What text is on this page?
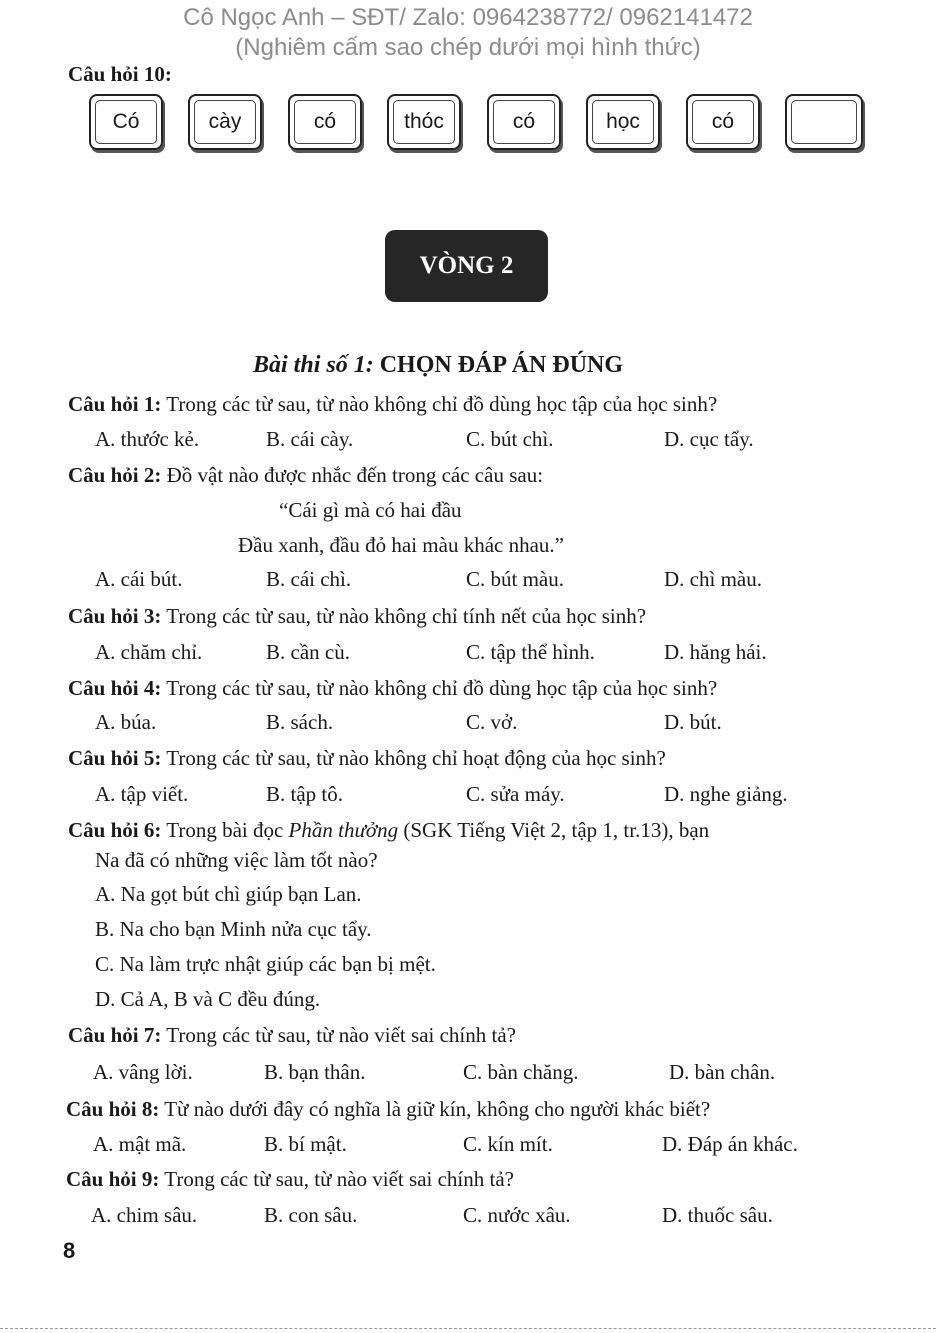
Cô Ngọc Anh – SĐT/ Zalo: 0964238772/ 0962141472
(Nghiêm cấm sao chép dưới mọi hình thức)
Câu hỏi 10:
Có	cày	có	thóc	có	học	có
VÒNG 2
Bài thi số 1: CHỌN ĐÁP ÁN ĐÚNG
Câu hỏi 1: Trong các từ sau, từ nào không chỉ đồ dùng học tập của học sinh?
A. thước kẻ.	B. cái cày.	C. bút chì.	D. cục tẩy.
Câu hỏi 2: Đồ vật nào được nhắc đến trong các câu sau:
“Cái gì mà có hai đầu
Đầu xanh, đầu đỏ hai màu khác nhau.”
A. cái bút.	B. cái chì.	C. bút màu.	D. chì màu.
Câu hỏi 3: Trong các từ sau, từ nào không chỉ tính nết của học sinh?
A. chăm chỉ.	B. cần cù.	C. tập thể hình.	D. hăng hái.
Câu hỏi 4: Trong các từ sau, từ nào không chỉ đồ dùng học tập của học sinh?
A. búa.	B. sách.	C. vở.	D. bút.
Câu hỏi 5: Trong các từ sau, từ nào không chỉ hoạt động của học sinh?
A. tập viết.	B. tập tô.	C. sửa máy.	D. nghe giảng.
Câu hỏi 6: Trong bài đọc Phần thưởng (SGK Tiếng Việt 2, tập 1, tr.13), bạn
Na đã có những việc làm tốt nào?
A. Na gọt bút chì giúp bạn Lan.
B. Na cho bạn Minh nửa cục tẩy.
C. Na làm trực nhật giúp các bạn bị mệt.
D. Cả A, B và C đều đúng.
Câu hỏi 7: Trong các từ sau, từ nào viết sai chính tả?
A. vâng lời.	B. bạn thân.	C. bàn chăng.	D. bàn chân.
Câu hỏi 8: Từ nào dưới đây có nghĩa là giữ kín, không cho người khác biết?
A. mật mã.	B. bí mật.	C. kín mít.	D. Đáp án khác.
Câu hỏi 9: Trong các từ sau, từ nào viết sai chính tả?
A. chim sâu.	B. con sâu.	C. nước xâu.	D. thuốc sâu.
8
